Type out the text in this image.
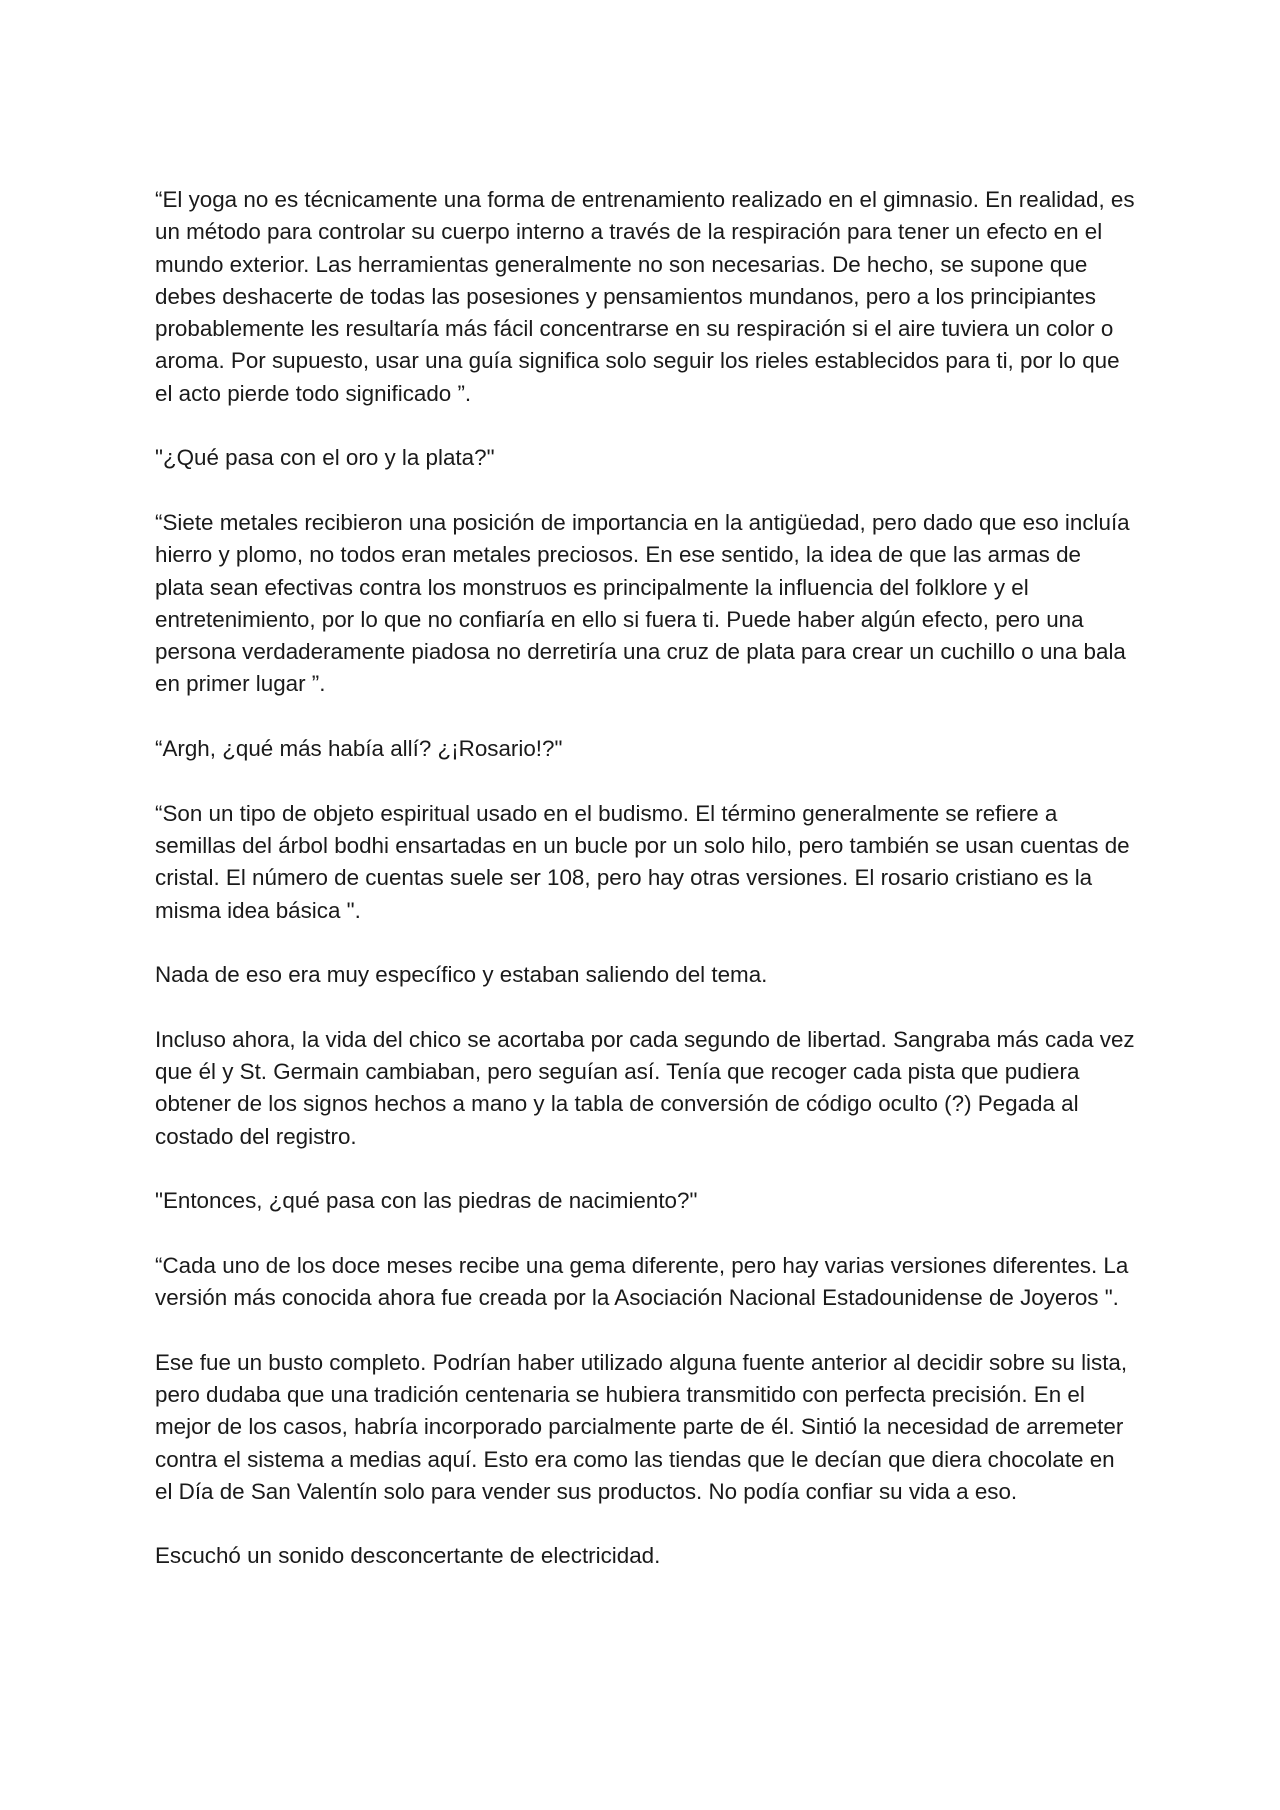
“El yoga no es técnicamente una forma de entrenamiento realizado en el gimnasio. En realidad, es un método para controlar su cuerpo interno a través de la respiración para tener un efecto en el mundo exterior. Las herramientas generalmente no son necesarias. De hecho, se supone que debes deshacerte de todas las posesiones y pensamientos mundanos, pero a los principiantes probablemente les resultaría más fácil concentrarse en su respiración si el aire tuviera un color o aroma. Por supuesto, usar una guía significa solo seguir los rieles establecidos para ti, por lo que el acto pierde todo significado ”.

"¿Qué pasa con el oro y la plata?"

“Siete metales recibieron una posición de importancia en la antigüedad, pero dado que eso incluía hierro y plomo, no todos eran metales preciosos. En ese sentido, la idea de que las armas de plata sean efectivas contra los monstruos es principalmente la influencia del folklore y el entretenimiento, por lo que no confiaría en ello si fuera ti. Puede haber algún efecto, pero una persona verdaderamente piadosa no derretiría una cruz de plata para crear un cuchillo o una bala en primer lugar ”.

“Argh, ¿qué más había allí? ¿¡Rosario!?"

“Son un tipo de objeto espiritual usado en el budismo. El término generalmente se refiere a semillas del árbol bodhi ensartadas en un bucle por un solo hilo, pero también se usan cuentas de cristal. El número de cuentas suele ser 108, pero hay otras versiones. El rosario cristiano es la misma idea básica ".

Nada de eso era muy específico y estaban saliendo del tema.

Incluso ahora, la vida del chico se acortaba por cada segundo de libertad. Sangraba más cada vez que él y St. Germain cambiaban, pero seguían así. Tenía que recoger cada pista que pudiera obtener de los signos hechos a mano y la tabla de conversión de código oculto (?) Pegada al costado del registro.

"Entonces, ¿qué pasa con las piedras de nacimiento?"

“Cada uno de los doce meses recibe una gema diferente, pero hay varias versiones diferentes. La versión más conocida ahora fue creada por la Asociación Nacional Estadounidense de Joyeros ".

Ese fue un busto completo. Podrían haber utilizado alguna fuente anterior al decidir sobre su lista, pero dudaba que una tradición centenaria se hubiera transmitido con perfecta precisión. En el mejor de los casos, habría incorporado parcialmente parte de él. Sintió la necesidad de arremeter contra el sistema a medias aquí. Esto era como las tiendas que le decían que diera chocolate en el Día de San Valentín solo para vender sus productos. No podía confiar su vida a eso.

Escuchó un sonido desconcertante de electricidad.
